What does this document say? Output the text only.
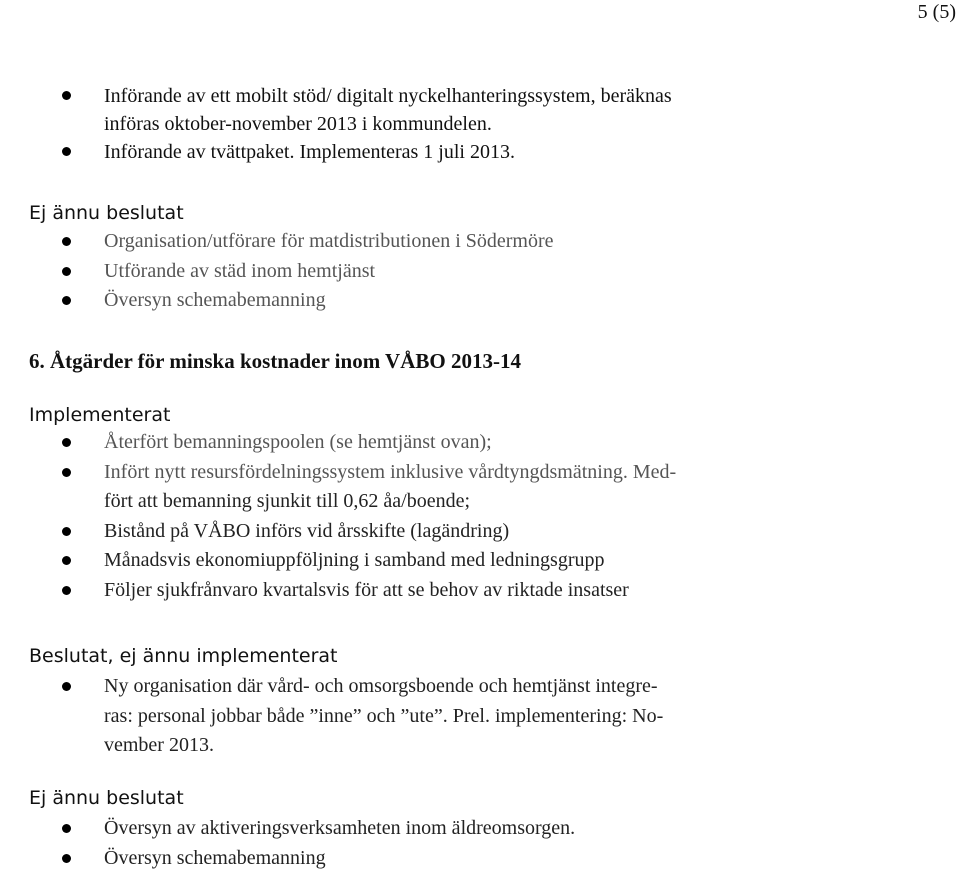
5 (5)
Införande av ett mobilt stöd/ digitalt nyckelhanteringssystem, beräknas
införas oktober-november 2013 i kommundelen.
Införande av tvättpaket. Implementeras 1 juli 2013.
Ej ännu beslutat
Organisation/utförare för matdistributionen i Södermöre
Utförande av städ inom hemtjänst
Översyn schemabemanning
6. Åtgärder för minska kostnader inom VÅBO 2013-14
Implementerat
Återfört bemanningspoolen (se hemtjänst ovan);
Infört nytt resursfördelningssystem inklusive vårdtyngdsmätning. Med-
fört att bemanning sjunkit till 0,62 åa/boende;
Bistånd på VÅBO införs vid årsskifte (lagändring)
Månadsvis ekonomiuppföljning i samband med ledningsgrupp
Följer sjukfrånvaro kvartalsvis för att se behov av riktade insatser
Beslutat, ej ännu implementerat
Ny organisation där vård- och omsorgsboende och hemtjänst integre-
ras: personal jobbar både ”inne” och ”ute”. Prel. implementering: No-
vember 2013.
Ej ännu beslutat
Översyn av aktiveringsverksamheten inom äldreomsorgen.
Översyn schemabemanning
